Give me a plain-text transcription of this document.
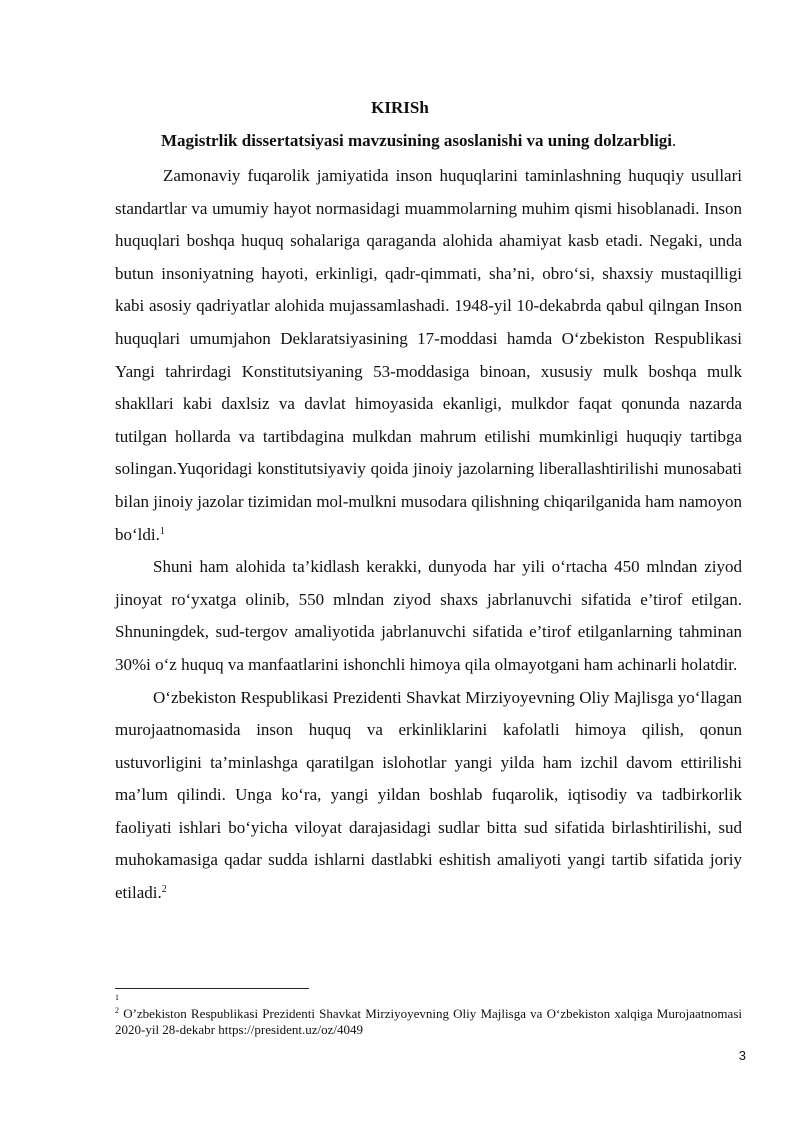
KIRISh
Magistrlik dissertatsiyasi mavzusining asoslanishi va uning dolzarbligi.

Zamonaviy fuqarolik jamiyatida inson huquqlarini taminlashning huquqiy usullari standartlar va umumiy hayot normasidagi muammolarning muhim qismi hisoblanadi. Inson huquqlari boshqa huquq sohalariga qaraganda alohida ahamiyat kasb etadi. Negaki, unda butun insoniyatning hayoti, erkinligi, qadr-qimmati, sha’ni, obro‘si, shaxsiy mustaqilligi kabi asosiy qadriyatlar alohida mujassamlashadi. 1948-yil 10-dekabrda qabul qilngan Inson huquqlari umumjahon Deklaratsiyasining 17-moddasi hamda O‘zbekiston Respublikasi Yangi tahrirdagi Konstitutsiyaning 53-moddasiga binoan, xususiy mulk boshqa mulk shakllari kabi daxlsiz va davlat himoyasida ekanligi, mulkdor faqat qonunda nazarda tutilgan hollarda va tartibdagina mulkdan mahrum etilishi mumkinligi huquqiy tartibga solingan.Yuqoridagi konstitutsiyaviy qoida jinoiy jazolarning liberallashtirilishi munosabati bilan jinoiy jazolar tizimidan mol-mulkni musodara qilishning chiqarilganida ham namoyon bo‘ldi.$^1$

Shuni ham alohida ta’kidlash kerakki, dunyoda har yili o‘rtacha 450 mlndan ziyod jinoyat ro‘yxatga olinib, 550 mlndan ziyod shaxs jabrlanuvchi sifatida e’tirof etilgan. Shnuningdek, sud-tergov amaliyotida jabrlanuvchi sifatida e’tirof etilganlarning tahminan 30%i o‘z huquq va manfaatlarini ishonchli himoya qila olmayotgani ham achinarli holatdir.

O‘zbekiston Respublikasi Prezidenti Shavkat Mirziyoyevning Oliy Majlisga yo‘llagan murojaatnomasida inson huquq va erkinliklarini kafolatli himoya qilish, qonun ustuvorligini ta’minlashga qaratilgan islohotlar yangi yilda ham izchil davom ettirilishi ma’lum qilindi. Unga ko‘ra, yangi yildan boshlab fuqarolik, iqtisodiy va tadbirkorlik faoliyati ishlari bo‘yicha viloyat darajasidagi sudlar bitta sud sifatida birlashtirilishi, sud muhokamasiga qadar sudda ishlarni dastlabki eshitish amaliyoti yangi tartib sifatida joriy etiladi.$^2$

$^1$
$^2$ O’zbekiston Respublikasi Prezidenti Shavkat Mirziyoyevning Oliy Majlisga va O‘zbekiston xalqiga Murojaatnomasi 2020-yil 28-dekabr https://president.uz/oz/4049
3
